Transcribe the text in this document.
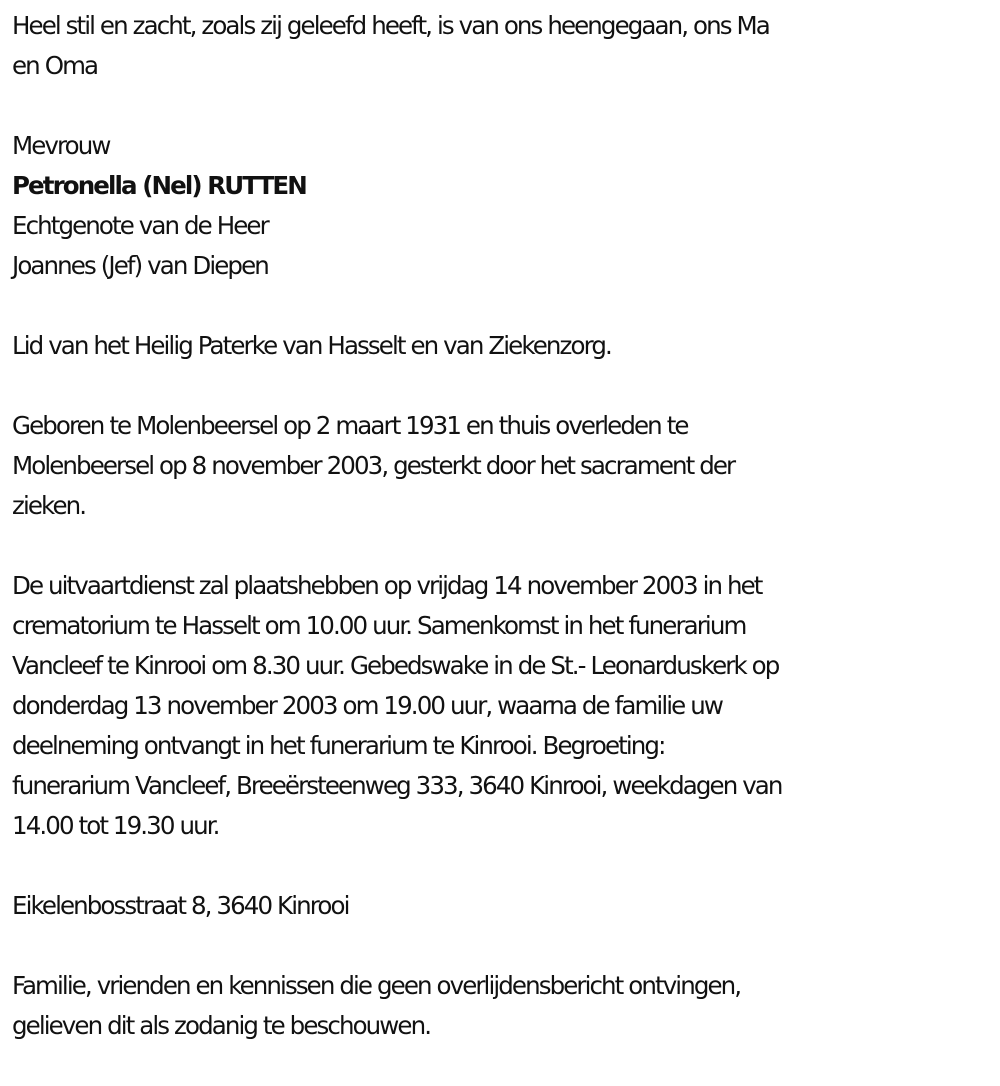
Heel stil en zacht, zoals zij geleefd heeft, is van ons heengegaan, ons Ma

en Oma

Mevrouw

Petronella (Nel) RUTTEN

Echtgenote van de Heer

Joannes (Jef) van Diepen

Lid van het Heilig Paterke van Hasselt en van Ziekenzorg.

Geboren te Molenbeersel op 2 maart 1931 en thuis overleden te

Molenbeersel op 8 november 2003, gesterkt door het sacrament der

zieken.

De uitvaartdienst zal plaatshebben op vrijdag 14 november 2003 in het

crematorium te Hasselt om 10.00 uur. Samenkomst in het funerarium

Vancleef te Kinrooi om 8.30 uur. Gebedswake in de St.- Leonarduskerk op

donderdag 13 november 2003 om 19.00 uur, waarna de familie uw

deelneming ontvangt in het funerarium te Kinrooi. Begroeting:

funerarium Vancleef, Breeërsteenweg 333, 3640 Kinrooi, weekdagen van

14.00 tot 19.30 uur.

Eikelenbosstraat 8, 3640 Kinrooi

Familie, vrienden en kennissen die geen overlijdensbericht ontvingen,

gelieven dit als zodanig te beschouwen.
